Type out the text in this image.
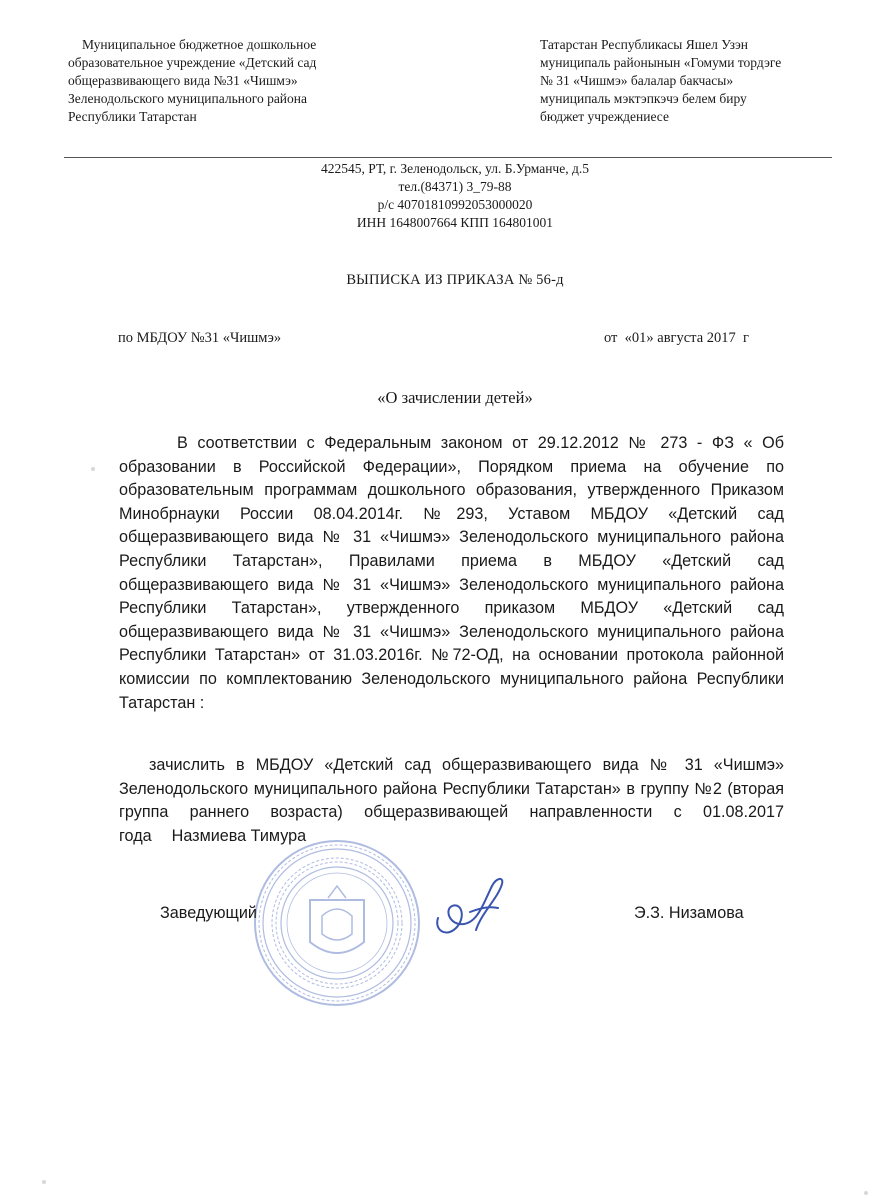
Муниципальное бюджетное дошкольное
образовательное учреждение «Детский сад
общеразвивающего вида №31 «Чишмэ»
Зеленодольского муниципального района
Республики Татарстан
Татарстан Республикасы Яшел Узэн
муниципаль районынын «Гомуми тордэге
№ 31 «Чишмэ» балалар бакчасы»
муниципаль мэктэпкэчэ белем биру
бюджет учреждениесе
422545, РТ, г. Зеленодольск, ул. Б.Урманче, д.5
тел.(84371) 3_79-88
р/с 40701810992053000020
ИНН 1648007664 КПП 164801001
ВЫПИСКА ИЗ ПРИКАЗА № 56-д
по МБДОУ №31 «Чишмэ»	от  «01» августа 2017  г
«О зачислении детей»

В соответствии с Федеральным законом от 29.12.2012 № 273 - ФЗ « Об образовании в Российской Федерации», Порядком приема на обучение по образовательным программам дошкольного образования, утвержденного Приказом Минобрнауки России 08.04.2014г. №293, Уставом МБДОУ «Детский сад общеразвивающего вида № 31 «Чишмэ» Зеленодольского муниципального района Республики Татарстан», Правилами приема в МБДОУ «Детский сад общеразвивающего вида № 31 «Чишмэ» Зеленодольского муниципального района Республики Татарстан», утвержденного приказом МБДОУ «Детский сад общеразвивающего вида № 31 «Чишмэ» Зеленодольского муниципального района Республики Татарстан» от 31.03.2016г. №72-ОД, на основании протокола районной комиссии по комплектованию Зеленодольского муниципального района Республики Татарстан :

зачислить в МБДОУ «Детский сад общеразвивающего вида № 31 «Чишмэ» Зеленодольского муниципального района Республики Татарстан» в группу №2 (вторая группа раннего возраста) общеразвивающей направленности с 01.08.2017 года Назмиева Тимура

Заведующий	Э.З. Низамова
